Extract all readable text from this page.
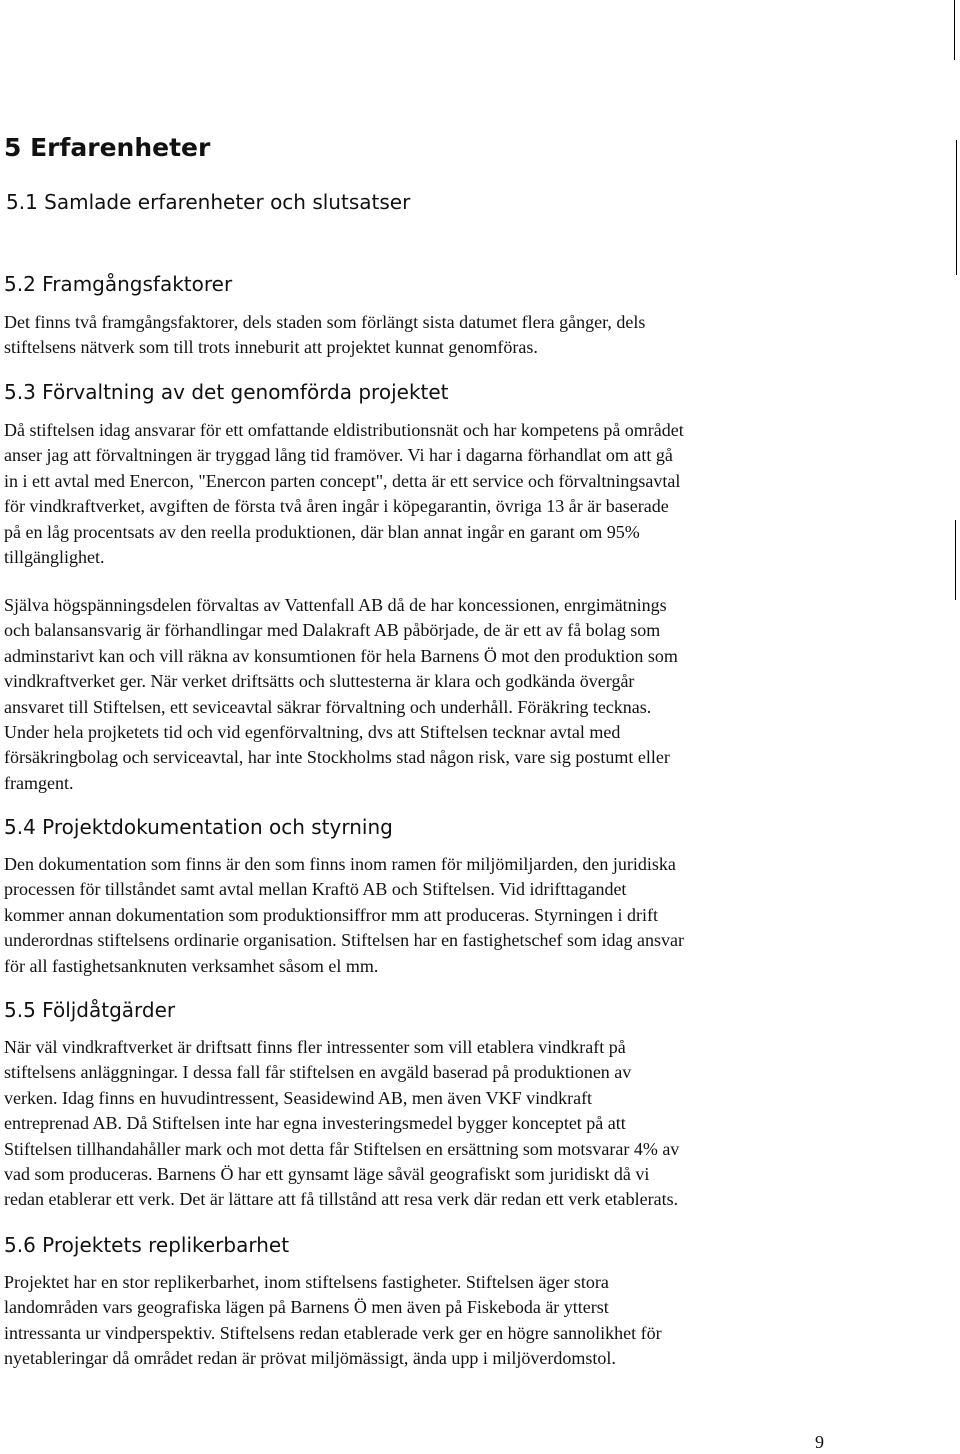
5 Erfarenheter
5.1 Samlade erfarenheter och slutsatser
5.2 Framgångsfaktorer
Det finns två framgångsfaktorer, dels staden som förlängt sista datumet flera gånger, dels
stiftelsens nätverk som till trots inneburit att projektet kunnat genomföras.
5.3 Förvaltning av det genomförda projektet
Då stiftelsen idag ansvarar för ett omfattande eldistributionsnät och har kompetens på området
anser jag att förvaltningen är tryggad lång tid framöver. Vi har i dagarna förhandlat om att gå
in i ett avtal med Enercon, "Enercon parten concept", detta är ett service och förvaltningsavtal
för vindkraftverket, avgiften de första två åren ingår i köpegarantin, övriga 13 år är baserade
på en låg procentsats av den reella produktionen, där blan annat ingår en garant om 95%
tillgänglighet.
Själva högspänningsdelen förvaltas av Vattenfall AB då de har koncessionen, enrgimätnings
och balansansvarig är förhandlingar med Dalakraft AB påbörjade, de är ett av få bolag som
adminstarivt kan och vill räkna av konsumtionen för hela Barnens Ö mot den produktion som
vindkraftverket ger. När verket driftsätts och sluttesterna är klara och godkända övergår
ansvaret till Stiftelsen, ett seviceavtal säkrar förvaltning och underhåll. Föräkring tecknas.
Under hela projketets tid och vid egenförvaltning, dvs att Stiftelsen tecknar avtal med
försäkringbolag och serviceavtal, har inte Stockholms stad någon risk, vare sig postumt eller
framgent.
5.4 Projektdokumentation och styrning
Den dokumentation som finns är den som finns inom ramen för miljömiljarden, den juridiska
processen för tillståndet samt avtal mellan Kraftö AB och Stiftelsen. Vid idrifttagandet
kommer annan dokumentation som produktionsiffror mm att produceras. Styrningen i drift
underordnas stiftelsens ordinarie organisation. Stiftelsen har en fastighetschef som idag ansvar
för all fastighetsanknuten verksamhet såsom el mm.
5.5 Följdåtgärder
När väl vindkraftverket är driftsatt finns fler intressenter som vill etablera vindkraft på
stiftelsens anläggningar. I dessa fall får stiftelsen en avgäld baserad på produktionen av
verken. Idag finns en huvudintressent, Seasidewind AB, men även VKF vindkraft
entreprenad AB. Då Stiftelsen inte har egna investeringsmedel bygger konceptet på att
Stiftelsen tillhandahåller mark och mot detta får Stiftelsen en ersättning som motsvarar 4% av
vad som produceras. Barnens Ö har ett gynsamt läge såväl geografiskt som juridiskt då vi
redan etablerar ett verk. Det är lättare att få tillstånd att resa verk där redan ett verk etablerats.
5.6 Projektets replikerbarhet
Projektet har en stor replikerbarhet, inom stiftelsens fastigheter. Stiftelsen äger stora
landområden vars geografiska lägen på Barnens Ö men även på Fiskeboda är ytterst
intressanta ur vindperspektiv. Stiftelsens redan etablerade verk ger en högre sannolikhet för
nyetableringar då området redan är prövat miljömässigt, ända upp i miljöverdomstol.
9
